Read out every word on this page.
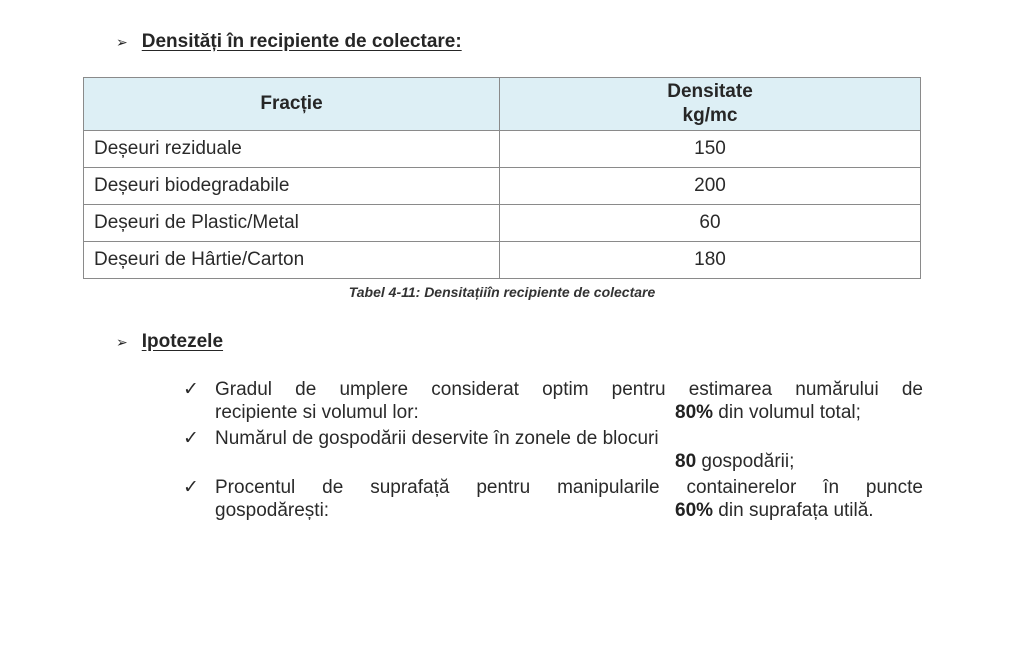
➢ Densități în recipiente de colectare:
Fracție	Densitate
kg/mc

Deșeuri reziduale	150
Deșeuri biodegradabile	200
Deșeuri de Plastic/Metal	60
Deșeuri de Hârtie/Carton	180
Tabel 4-11: Densitațiiîn recipiente de colectare
➢ Ipotezele
✓ Gradul de umplere considerat optim pentru estimarea numărului de
recipiente si volumul lor:	80% din volumul total;
✓ Numărul de gospodării deservite în zonele de blocuri
80 gospodării;
✓ Procentul de suprafață pentru manipularile containerelor în puncte
gospodărești:	60% din suprafața utilă.
